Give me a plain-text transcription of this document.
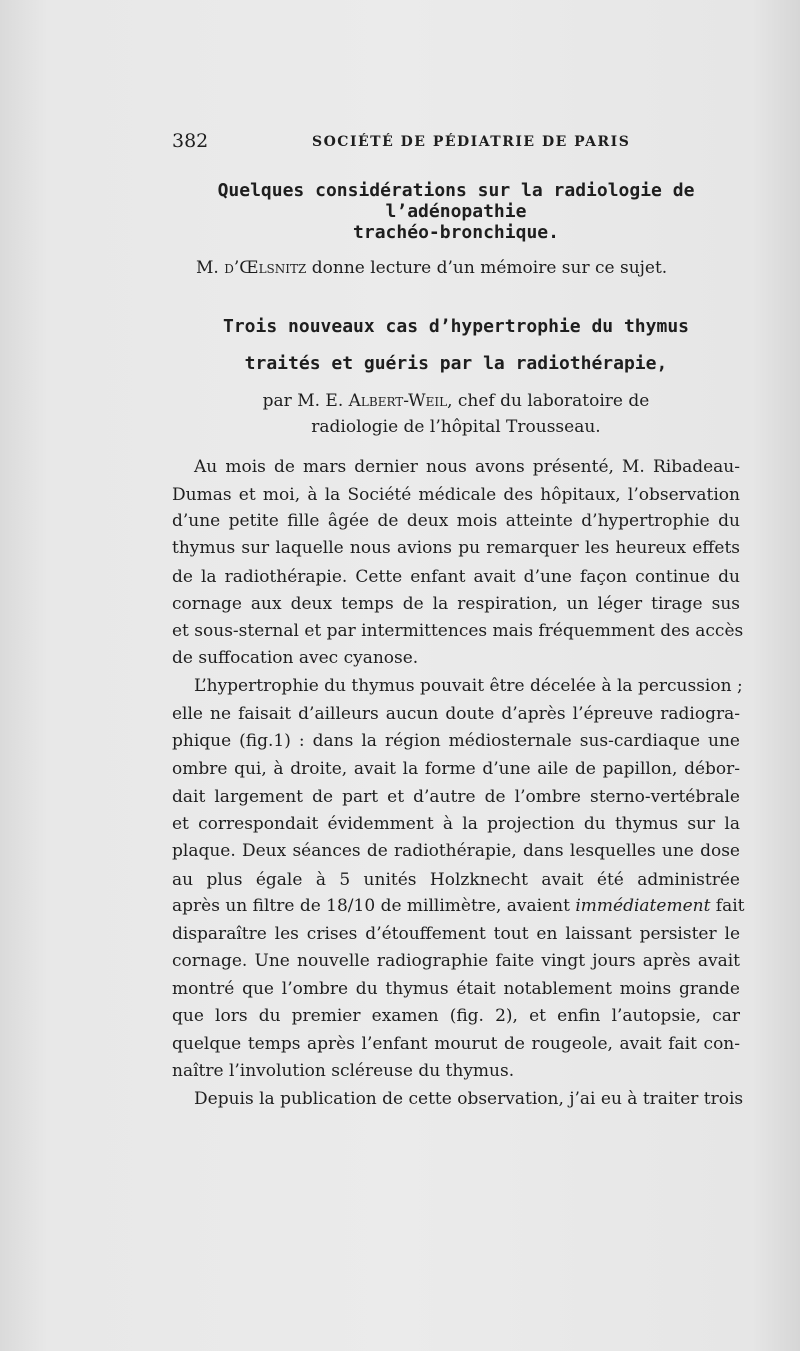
382	SOCIÉTÉ DE PÉDIATRIE DE PARIS

Quelques considérations sur la radiologie de l’adénopathie

trachéo-bronchique.

M. d’Œlsnitz donne lecture d’un mémoire sur ce sujet.

Trois nouveaux cas d’hypertrophie du thymus

traités et guéris par la radiothérapie,

par M. E. Albert-Weil, chef du laboratoire de

radiologie de l’hôpital Trousseau.

Au mois de mars dernier nous avons présenté, M. Ribadeau-

Dumas et moi, à la Société médicale des hôpitaux, l’observation

d’une petite fille âgée de deux mois atteinte d’hypertrophie du

thymus sur laquelle nous avions pu remarquer les heureux effets

de la radiothérapie. Cette enfant avait d’une façon continue du

cornage aux deux temps de la respiration, un léger tirage sus

et sous-sternal et par intermittences mais fréquemment des accès

de suffocation avec cyanose.

L’hypertrophie du thymus pouvait être décelée à la percussion ;

elle ne faisait d’ailleurs aucun doute d’après l’épreuve radiogra-

phique (fig.1) : dans la région médiosternale sus-cardiaque une

ombre qui, à droite, avait la forme d’une aile de papillon, débor-

dait largement de part et d’autre de l’ombre sterno-vertébrale

et correspondait évidemment à la projection du thymus sur la

plaque. Deux séances de radiothérapie, dans lesquelles une dose

au plus égale à 5 unités Holzknecht avait été administrée

après un filtre de 18/10 de millimètre, avaient immédiatement fait

disparaître les crises d’étouffement tout en laissant persister le

cornage. Une nouvelle radiographie faite vingt jours après avait

montré que l’ombre du thymus était notablement moins grande

que lors du premier examen (fig. 2), et enfin l’autopsie, car

quelque temps après l’enfant mourut de rougeole, avait fait con-

naître l’involution scléreuse du thymus.

Depuis la publication de cette observation, j’ai eu à traiter trois
